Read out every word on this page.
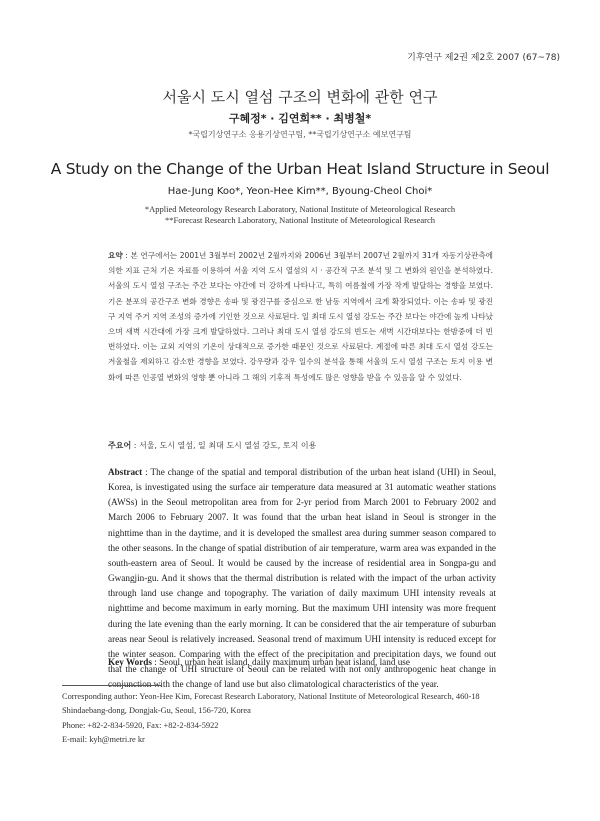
기후연구 제2권 제2호 2007 (67~78)
서울시 도시 열섬 구조의 변화에 관한 연구
구혜정* · 김연희** · 최병철*
*국립기상연구소 응용기상연구팀, **국립기상연구소 예보연구팀
A Study on the Change of the Urban Heat Island Structure in Seoul
Hae-Jung Koo*, Yeon-Hee Kim**, Byoung-Cheol Choi*
*Applied Meteorology Research Laboratory, National Institute of Meteorological Research
**Forecast Research Laboratory, National Institute of Meteorological Research
요약 : 본 연구에서는 2001년 3월부터 2002년 2월까지와 2006년 3월부터 2007년 2월까지 31개 자동기상관측에 의한 지표 근처 기온 자료를 이용하여 서울 지역 도시 열섬의 시 · 공간적 구조 분석 및 그 변화의 원인을 분석하였다. 서울의 도시 열섬 구조는 주간 보다는 야간에 더 강하게 나타나고, 특히 여름철에 가장 작게 발달하는 경향을 보였다. 기온 분포의 공간구조 변화 경향은 송파 및 광진구를 중심으로 한 남동 지역에서 크게 확장되었다. 이는 송파 및 광진구 지역 주거 지역 조성의 증가에 기인한 것으로 사료된다. 일 최대 도시 열섬 강도는 주간 보다는 야간에 높게 나타났으며 새벽 시간대에 가장 크게 발달하였다. 그러나 최대 도시 열섬 강도의 빈도는 새벽 시간대보다는 한밤중에 더 빈번하였다. 이는 교외 지역의 기온이 상대적으로 증가한 때문인 것으로 사료된다. 계절에 따른 최대 도시 열섬 강도는 겨울철을 제외하고 감소한 경향을 보였다. 강우량과 강우 일수의 분석을 통해 서울의 도시 열섬 구조는 토지 이용 변화에 따른 인공열 변화의 영향 뿐 아니라 그 해의 기후적 특성에도 많은 영향을 받을 수 있음을 알 수 있었다.
주요어 : 서울, 도시 열섬, 일 최대 도시 열섬 강도, 토지 이용
Abstract : The change of the spatial and temporal distribution of the urban heat island (UHI) in Seoul, Korea, is investigated using the surface air temperature data measured at 31 automatic weather stations (AWSs) in the Seoul metropolitan area from for 2-yr period from March 2001 to February 2002 and March 2006 to February 2007. It was found that the urban heat island in Seoul is stronger in the nighttime than in the daytime, and it is developed the smallest area during summer season compared to the other seasons. In the change of spatial distribution of air temperature, warm area was expanded in the south-eastern area of Seoul. It would be caused by the increase of residential area in Songpa-gu and Gwangjin-gu. And it shows that the thermal distribution is related with the impact of the urban activity through land use change and topography. The variation of daily maximum UHI intensity reveals at nighttime and become maximum in early morning. But the maximum UHI intensity was more frequent during the late evening than the early morning. It can be considered that the air temperature of suburban areas near Seoul is relatively increased. Seasonal trend of maximum UHI intensity is reduced except for the winter season. Comparing with the effect of the precipitation and precipitation days, we found out that the change of UHI structure of Seoul can be related with not only anthropogenic heat change in conjunction with the change of land use but also climatological characteristics of the year.
Key Words : Seoul, urban heat island, daily maximum urban heat island, land use
Corresponding author: Yeon-Hee Kim, Forecast Research Laboratory, National Institute of Meteorological Research, 460-18
Shindaebang-dong, Dongjak-Gu, Seoul, 156-720, Korea
Phone: +82-2-834-5920, Fax: +82-2-834-5922
E-mail: kyh@metri.re kr
